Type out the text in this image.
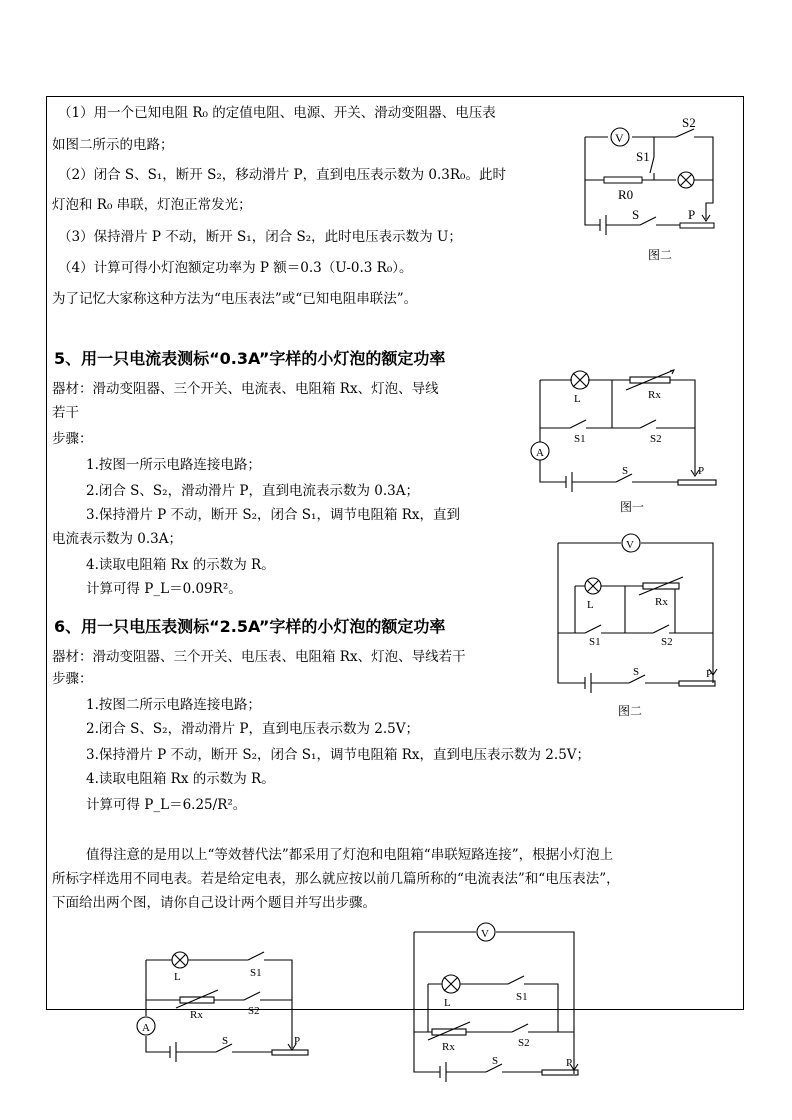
（1）用一个已知电阻 R₀ 的定值电阻、电源、开关、滑动变阻器、电压表
如图二所示的电路；
（2）闭合 S、S₁，断开 S₂，移动滑片 P，直到电压表示数为 0.3R₀。此时
灯泡和 R₀ 串联，灯泡正常发光；
（3）保持滑片 P 不动，断开 S₁，闭合 S₂，此时电压表示数为 U；
（4）计算可得小灯泡额定功率为 P 额＝0.3（U-0.3 R₀）。
为了记忆大家称这种方法为“电压表法”或“已知电阻串联法”。
V
S2
R0
S1
S	P
图二
5、用一只电流表测标“0.3A”字样的小灯泡的额定功率
器材：滑动变阻器、三个开关、电流表、电阻箱 Rx、灯泡、导线
若干
步骤：
1.按图一所示电路连接电路；
2.闭合 S、S₂，滑动滑片 P，直到电流表示数为 0.3A；
3.保持滑片 P 不动，断开 S₂，闭合 S₁，调节电阻箱 Rx，直到
电流表示数为 0.3A；
4.读取电阻箱 Rx 的示数为 R。
计算可得 P_L＝0.09R²。
L	Rx
S1	S2
A
S	P
图一
6、用一只电压表测标“2.5A”字样的小灯泡的额定功率
器材：滑动变阻器、三个开关、电压表、电阻箱 Rx、灯泡、导线若干
步骤：
1.按图二所示电路连接电路；
2.闭合 S、S₂，滑动滑片 P，直到电压表示数为 2.5V；
3.保持滑片 P 不动，断开 S₂，闭合 S₁，调节电阻箱 Rx，直到电压表示数为 2.5V；
4.读取电阻箱 Rx 的示数为 R。
计算可得 P_L＝6.25/R²。
V
L	Rx
S1	S2
S	P
图二
值得注意的是用以上“等效替代法”都采用了灯泡和电阻箱“串联短路连接”，根据小灯泡上
所标字样选用不同电表。若是给定电表，那么就应按以前几篇所称的“电流表法”和“电压表法”，
下面给出两个图，请你自己设计两个题目并写出步骤。
L	S1
Rx	S2
A
S	P
V
L	S1
Rx	S2
S	P
